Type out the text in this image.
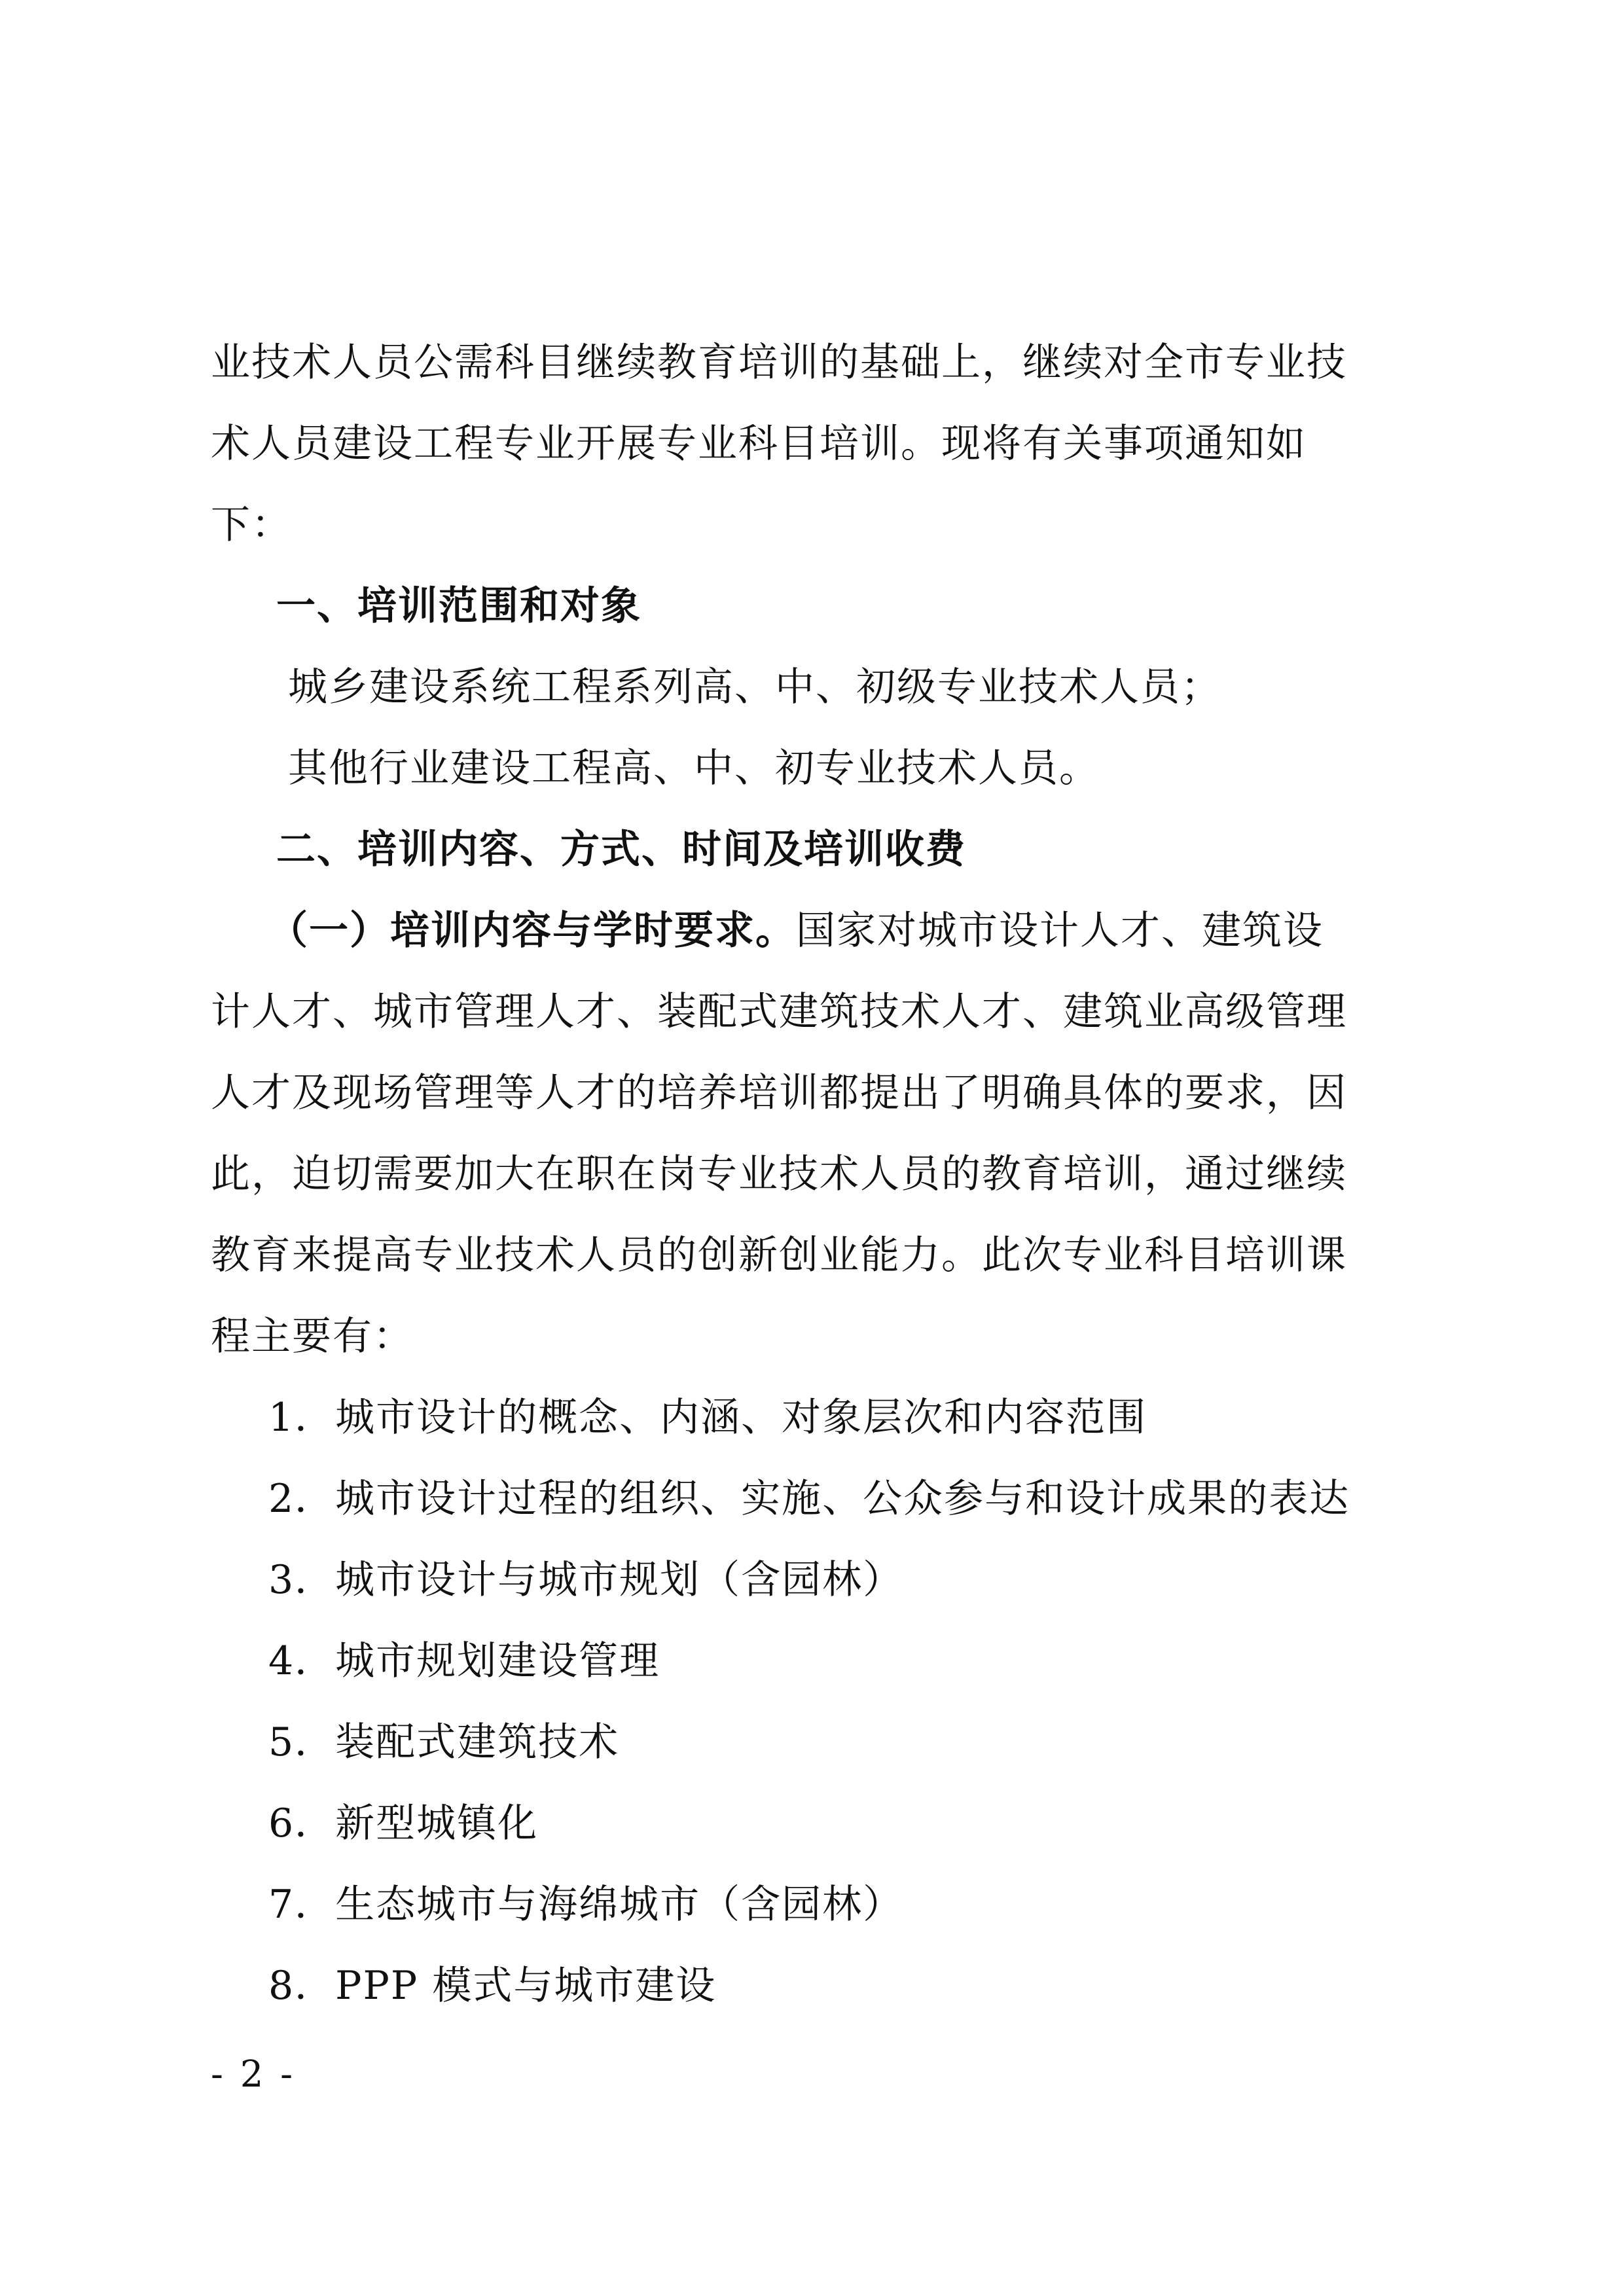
业技术人员公需科目继续教育培训的基础上，继续对全市专业技
术人员建设工程专业开展专业科目培训。现将有关事项通知如
下：
一、培训范围和对象
城乡建设系统工程系列高、中、初级专业技术人员；
其他行业建设工程高、中、初专业技术人员。
二、培训内容、方式、时间及培训收费
（一）培训内容与学时要求。国家对城市设计人才、建筑设
计人才、城市管理人才、装配式建筑技术人才、建筑业高级管理
人才及现场管理等人才的培养培训都提出了明确具体的要求，因
此，迫切需要加大在职在岗专业技术人员的教育培训，通过继续
教育来提高专业技术人员的创新创业能力。此次专业科目培训课
程主要有：
1．城市设计的概念、内涵、对象层次和内容范围
2．城市设计过程的组织、实施、公众参与和设计成果的表达
3．城市设计与城市规划（含园林）
4．城市规划建设管理
5．装配式建筑技术
6．新型城镇化
7．生态城市与海绵城市（含园林）
8．PPP 模式与城市建设
- 2 -
